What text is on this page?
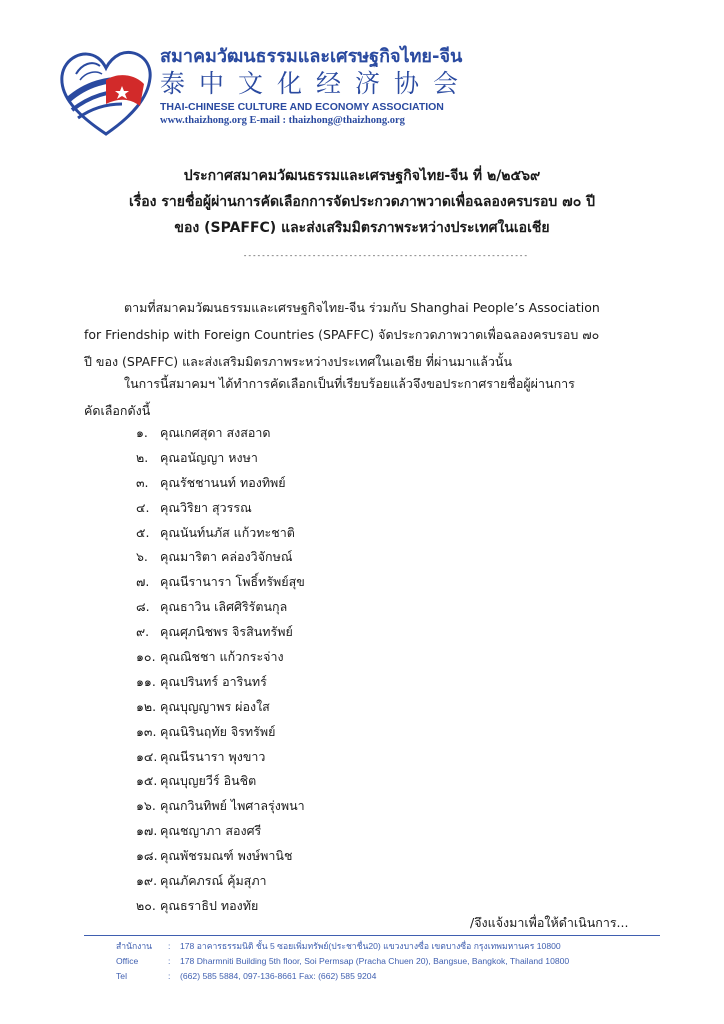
สมาคมวัฒนธรรมและเศรษฐกิจไทย-จีน
泰中文化经济协会
THAI-CHINESE CULTURE AND ECONOMY ASSOCIATION
www.thaizhong.org E-mail : thaizhong@thaizhong.org
ประกาศสมาคมวัฒนธรรมและเศรษฐกิจไทย-จีน ที่ ๒/๒๕๖๙
เรื่อง รายชื่อผู้ผ่านการคัดเลือกการจัดประกวดภาพวาดเพื่อฉลองครบรอบ ๗๐ ปี
ของ (SPAFFC) และส่งเสริมมิตรภาพระหว่างประเทศในเอเชีย
--------------------------------------------------------------
ตามที่สมาคมวัฒนธรรมและเศรษฐกิจไทย-จีน ร่วมกับ Shanghai People’s Association
for Friendship with Foreign Countries (SPAFFC) จัดประกวดภาพวาดเพื่อฉลองครบรอบ ๗๐
ปี ของ (SPAFFC) และส่งเสริมมิตรภาพระหว่างประเทศในเอเชีย ที่ผ่านมาแล้วนั้น
ในการนี้สมาคมฯ ได้ทำการคัดเลือกเป็นที่เรียบร้อยแล้วจึงขอประกาศรายชื่อผู้ผ่านการ
คัดเลือกดังนี้
๑. คุณเกศสุดา สงสอาด
๒. คุณอนัญญา หงษา
๓. คุณรัชชานนท์ ทองทิพย์
๔. คุณวิริยา สุวรรณ
๕. คุณนันท์นภัส แก้วทะชาติ
๖. คุณมาริตา คล่องวิจักษณ์
๗. คุณนีรานารา โพธิ์ทรัพย์สุข
๘. คุณธาวิน เลิศศิริรัตนกุล
๙. คุณศุภนิชพร จิรสินทรัพย์
๑๐. คุณณิชชา แก้วกระจ่าง
๑๑. คุณปรินทร์ อารินทร์
๑๒. คุณบุญญาพร ผ่องใส
๑๓. คุณนิรินฤทัย จิรทรัพย์
๑๔. คุณนีรนารา พุงขาว
๑๕. คุณบุญยวีร์ อินชิต
๑๖. คุณกวินทิพย์ ไพศาลรุ่งพนา
๑๗. คุณชญาภา สองศรี
๑๘. คุณพัชรมณฑ์ พงษ์พานิช
๑๙. คุณภัคภรณ์ คุ้มสุภา
๒๐. คุณธราธิป ทองทัย
/จึงแจ้งมาเพื่อให้ดำเนินการ...
สำนักงาน	:	178 อาคารธรรมนิติ ชั้น 5 ซอยเพิ่มทรัพย์(ประชาชื่น20) แขวงบางซื่อ เขตบางซื่อ กรุงเทพมหานคร 10800
Office	:	178 Dharmniti Building 5th floor, Soi Permsap (Pracha Chuen 20), Bangsue, Bangkok, Thailand 10800
Tel	:	(662) 585 5884, 097-136-8661 Fax: (662) 585 9204
